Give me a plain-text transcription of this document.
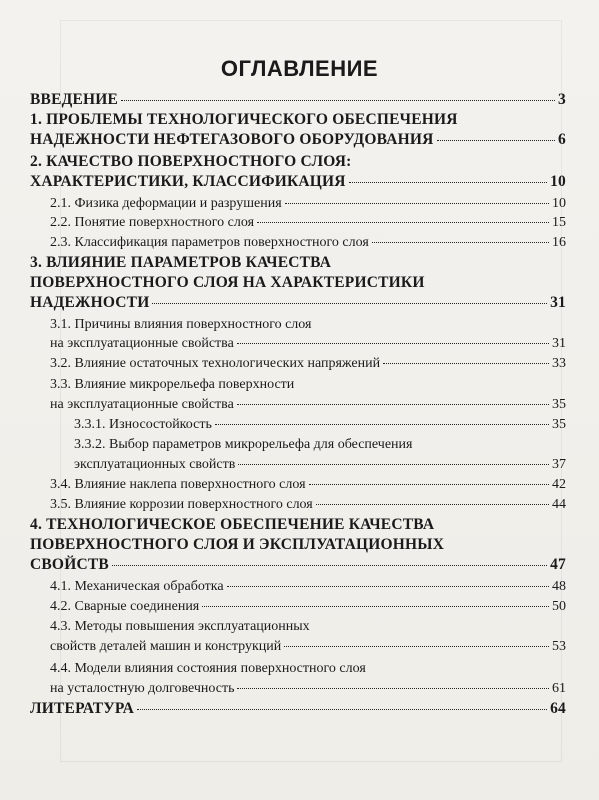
ОГЛАВЛЕНИЕ
ВВЕДЕНИЕ	3
1. ПРОБЛЕМЫ ТЕХНОЛОГИЧЕСКОГО ОБЕСПЕЧЕНИЯ
НАДЕЖНОСТИ НЕФТЕГАЗОВОГО ОБОРУДОВАНИЯ	6
2. КАЧЕСТВО ПОВЕРХНОСТНОГО СЛОЯ:
ХАРАКТЕРИСТИКИ, КЛАССИФИКАЦИЯ	10
2.1. Физика деформации и разрушения	10
2.2. Понятие поверхностного слоя	15
2.3. Классификация параметров поверхностного слоя	16
3. ВЛИЯНИЕ ПАРАМЕТРОВ КАЧЕСТВА
ПОВЕРХНОСТНОГО СЛОЯ НА ХАРАКТЕРИСТИКИ
НАДЕЖНОСТИ	31
3.1. Причины влияния поверхностного слоя
на эксплуатационные свойства	31
3.2. Влияние остаточных технологических напряжений	33
3.3. Влияние микрорельефа поверхности
на эксплуатационные свойства	35
3.3.1. Износостойкость	35
3.3.2. Выбор параметров микрорельефа для обеспечения
эксплуатационных свойств	37
3.4. Влияние наклепа поверхностного слоя	42
3.5. Влияние коррозии поверхностного слоя	44
4. ТЕХНОЛОГИЧЕСКОЕ ОБЕСПЕЧЕНИЕ КАЧЕСТВА
ПОВЕРХНОСТНОГО СЛОЯ И ЭКСПЛУАТАЦИОННЫХ
СВОЙСТВ	47
4.1. Механическая обработка	48
4.2. Сварные соединения	50
4.3. Методы повышения эксплуатационных
свойств деталей машин и конструкций	53
4.4. Модели влияния состояния поверхностного слоя
на усталостную долговечность	61
ЛИТЕРАТУРА	64
